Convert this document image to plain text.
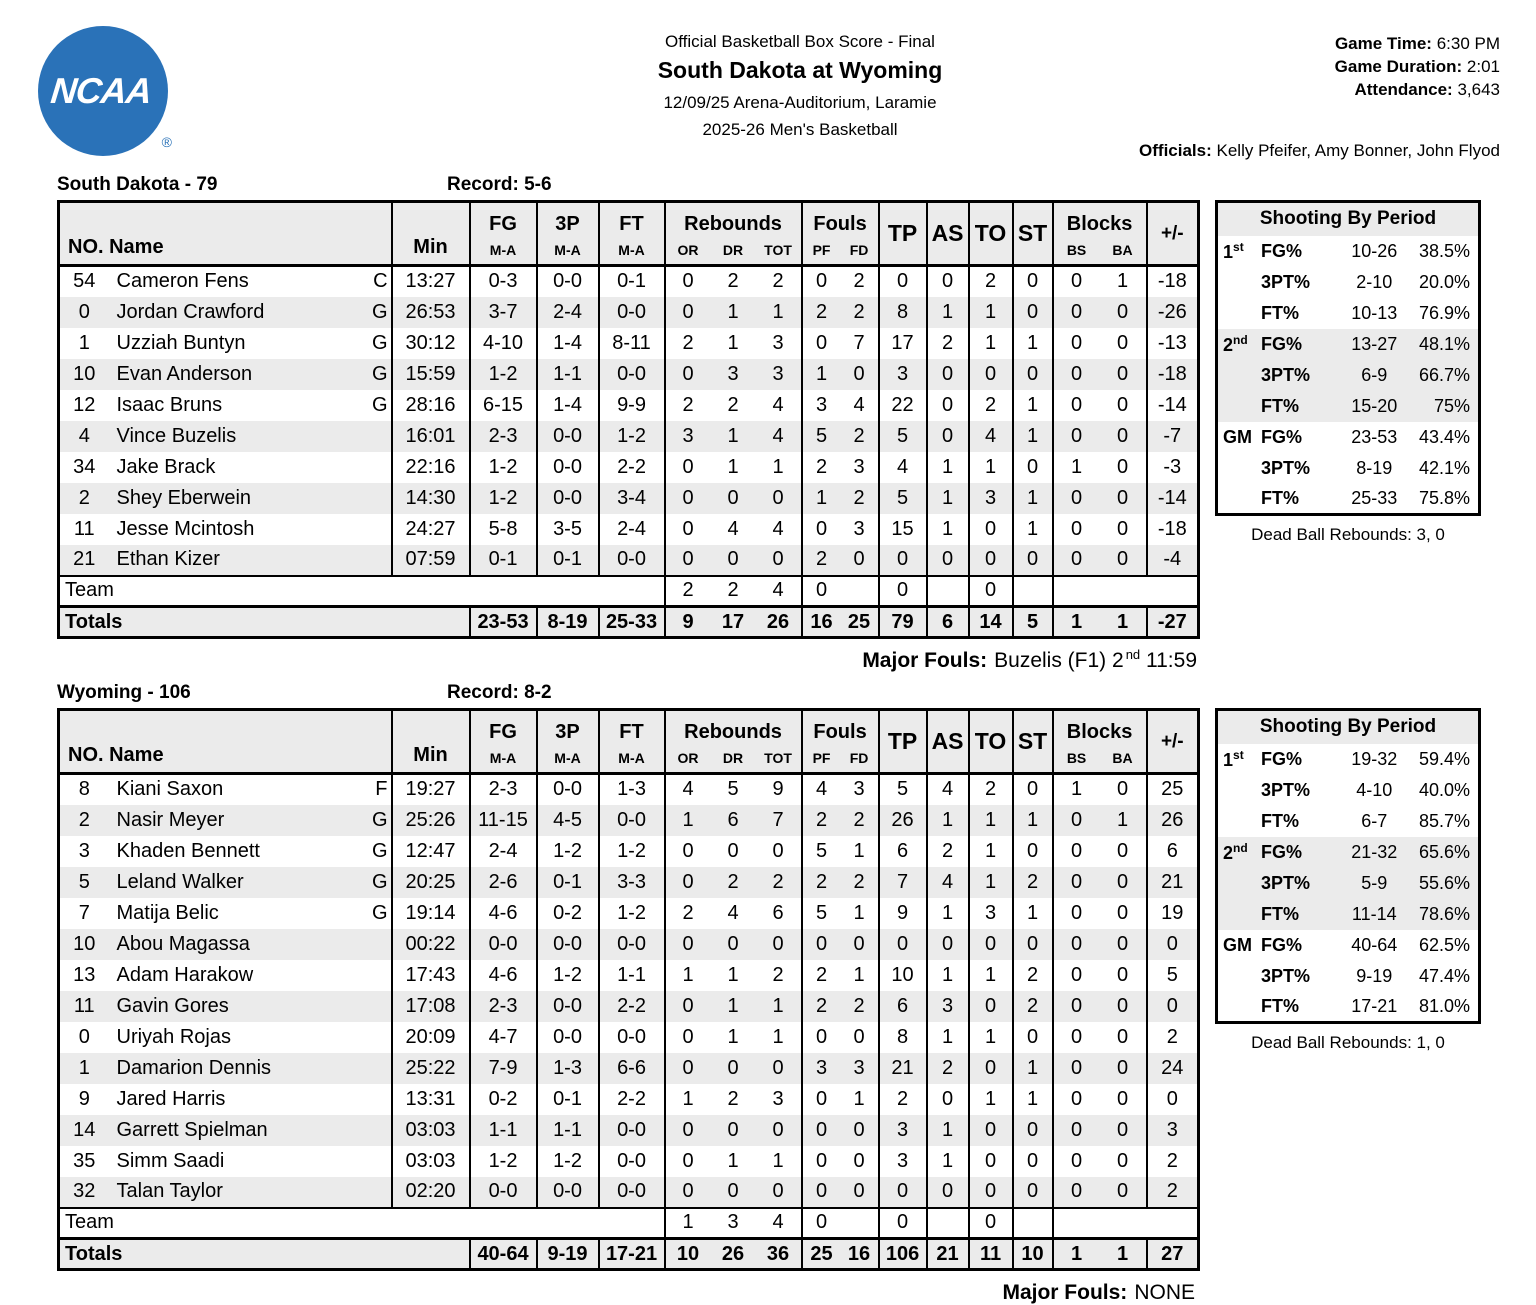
NCAA
®
Official Basketball Box Score - Final
South Dakota at Wyoming
12/09/25 Arena-Auditorium, Laramie
2025-26 Men's Basketball
Game Time: 6:30 PM
Game Duration: 2:01
Attendance: 3,643
Officials: Kelly Pfeifer, Amy Bonner, John Flyod
South Dakota - 79	Record: 5-6
NO. Name			Min	FG	3P	FT	Rebounds			Fouls		TP	AS	TO	ST	Blocks		+/-
				M-A	M-A	M-A	OR	DR	TOT	PF	FD					BS	BA	
54	Cameron Fens	C	13:27	0-3	0-0	0-1	0	2	2	0	2	0	0	2	0	0	1	-18
0	Jordan Crawford	G	26:53	3-7	2-4	0-0	0	1	1	2	2	8	1	1	0	0	0	-26
1	Uzziah Buntyn	G	30:12	4-10	1-4	8-11	2	1	3	0	7	17	2	1	1	0	0	-13
10	Evan Anderson	G	15:59	1-2	1-1	0-0	0	3	3	1	0	3	0	0	0	0	0	-18
12	Isaac Bruns	G	28:16	6-15	1-4	9-9	2	2	4	3	4	22	0	2	1	0	0	-14
4	Vince Buzelis		16:01	2-3	0-0	1-2	3	1	4	5	2	5	0	4	1	0	0	-7
34	Jake Brack		22:16	1-2	0-0	2-2	0	1	1	2	3	4	1	1	0	1	0	-3
2	Shey Eberwein		14:30	1-2	0-0	3-4	0	0	0	1	2	5	1	3	1	0	0	-14
11	Jesse Mcintosh		24:27	5-8	3-5	2-4	0	4	4	0	3	15	1	0	1	0	0	-18
21	Ethan Kizer		07:59	0-1	0-1	0-0	0	0	0	2	0	0	0	0	0	0	0	-4
Team							2	2	4	0		0		0				
Totals				23-53	8-19	25-33	9	17	26	16	25	79	6	14	5	1	1	-27
Major Fouls: Buzelis (F1) 2 $^{nd}$ 11:59
Wyoming - 106	Record: 8-2
NO. Name			Min	FG	3P	FT	Rebounds			Fouls		TP	AS	TO	ST	Blocks		+/-
				M-A	M-A	M-A	OR	DR	TOT	PF	FD					BS	BA	
8	Kiani Saxon	F	19:27	2-3	0-0	1-3	4	5	9	4	3	5	4	2	0	1	0	25
2	Nasir Meyer	G	25:26	11-15	4-5	0-0	1	6	7	2	2	26	1	1	1	0	1	26
3	Khaden Bennett	G	12:47	2-4	1-2	1-2	0	0	0	5	1	6	2	1	0	0	0	6
5	Leland Walker	G	20:25	2-6	0-1	3-3	0	2	2	2	2	7	4	1	2	0	0	21
7	Matija Belic	G	19:14	4-6	0-2	1-2	2	4	6	5	1	9	1	3	1	0	0	19
10	Abou Magassa		00:22	0-0	0-0	0-0	0	0	0	0	0	0	0	0	0	0	0	0
13	Adam Harakow		17:43	4-6	1-2	1-1	1	1	2	2	1	10	1	1	2	0	0	5
11	Gavin Gores		17:08	2-3	0-0	2-2	0	1	1	2	2	6	3	0	2	0	0	0
0	Uriyah Rojas		20:09	4-7	0-0	0-0	0	1	1	0	0	8	1	1	0	0	0	2
1	Damarion Dennis		25:22	7-9	1-3	6-6	0	0	0	3	3	21	2	0	1	0	0	24
9	Jared Harris		13:31	0-2	0-1	2-2	1	2	3	0	1	2	0	1	1	0	0	0
14	Garrett Spielman		03:03	1-1	1-1	0-0	0	0	0	0	0	3	1	0	0	0	0	3
35	Simm Saadi		03:03	1-2	1-2	0-0	0	1	1	0	0	3	1	0	0	0	0	2
32	Talan Taylor		02:20	0-0	0-0	0-0	0	0	0	0	0	0	0	0	0	0	0	2
Team							1	3	4	0		0		0				
Totals				40-64	9-19	17-21	10	26	36	25	16	106	21	11	10	1	1	27
Major Fouls: NONE
Shooting By Period			
1st	FG%	10-26	38.5%
	3PT%	2-10	20.0%
	FT%	10-13	76.9%
2nd	FG%	13-27	48.1%
	3PT%	6-9	66.7%
	FT%	15-20	75%
GM	FG%	23-53	43.4%
	3PT%	8-19	42.1%
	FT%	25-33	75.8%
Dead Ball Rebounds: 3, 0
Shooting By Period			
1st	FG%	19-32	59.4%
	3PT%	4-10	40.0%
	FT%	6-7	85.7%
2nd	FG%	21-32	65.6%
	3PT%	5-9	55.6%
	FT%	11-14	78.6%
GM	FG%	40-64	62.5%
	3PT%	9-19	47.4%
	FT%	17-21	81.0%
Dead Ball Rebounds: 1, 0
